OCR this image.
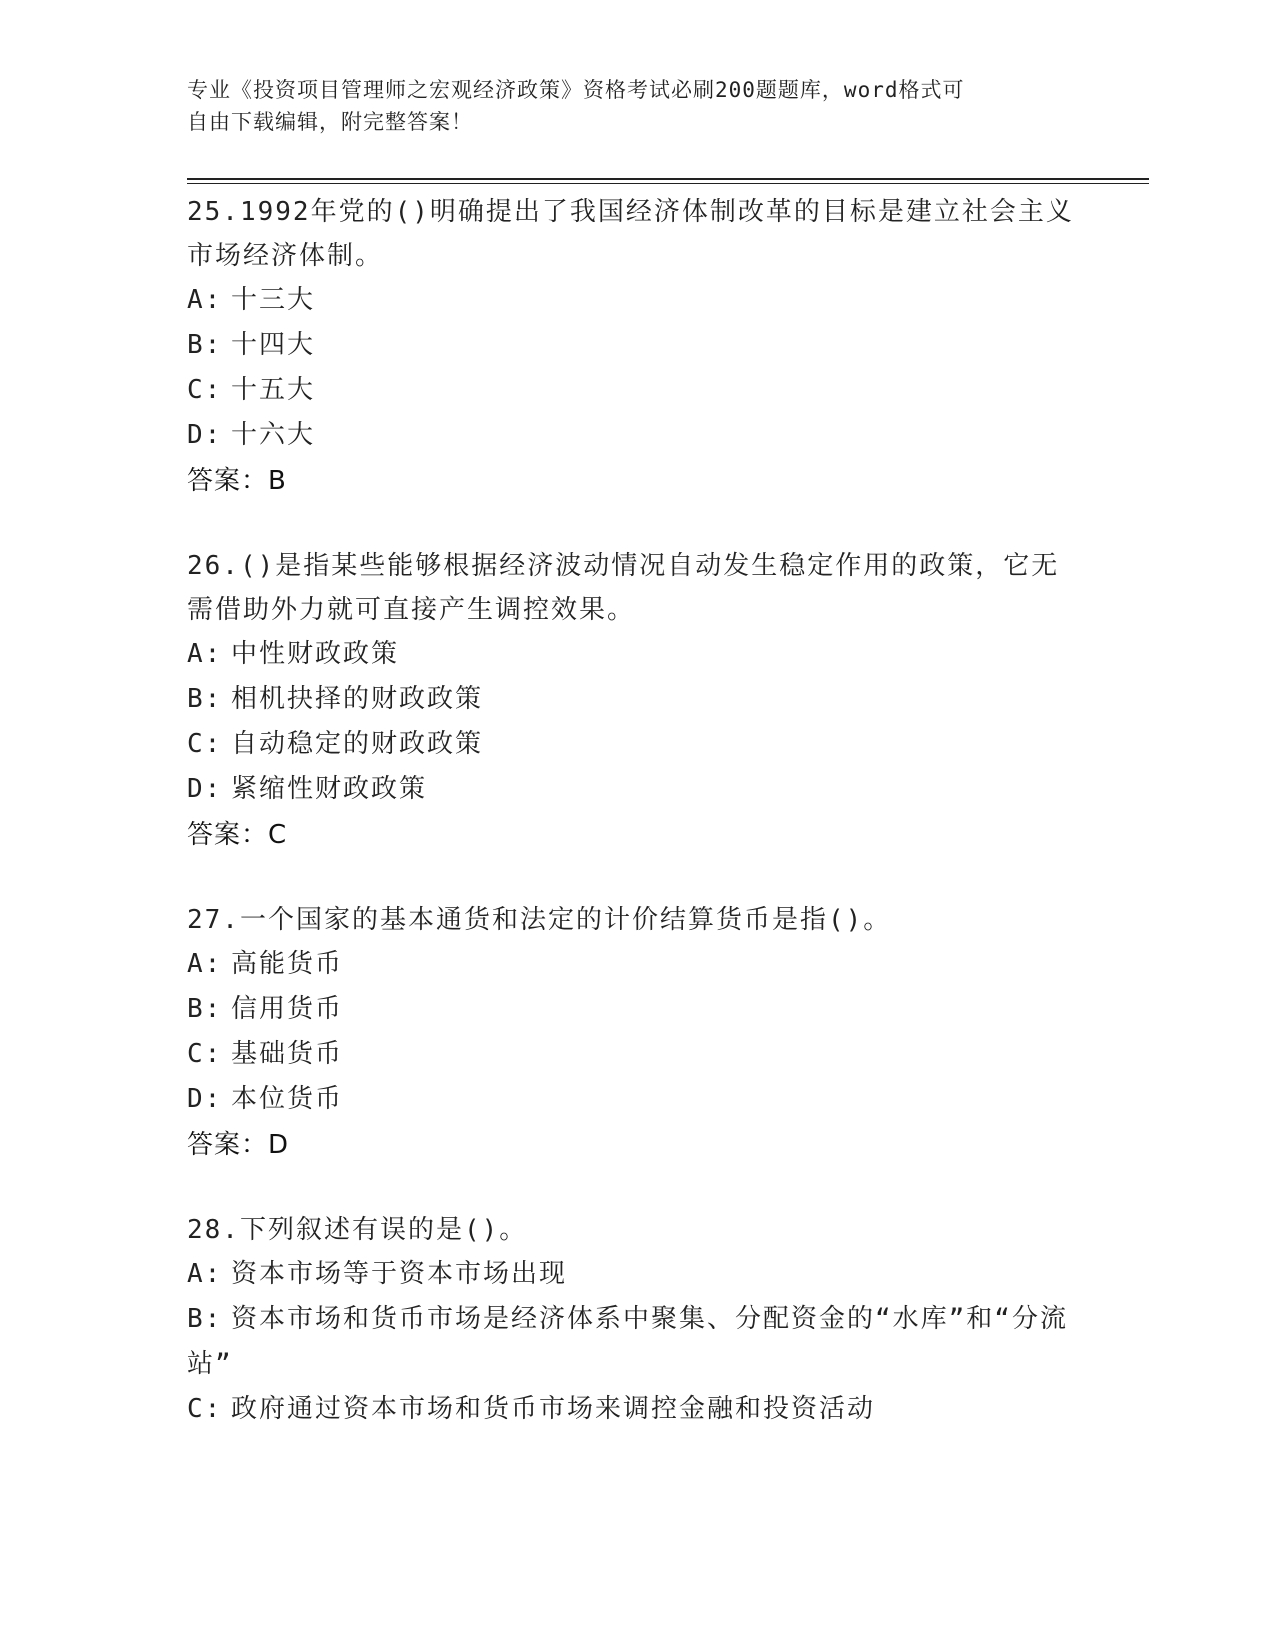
专业《投资项目管理师之宏观经济政策》资格考试必刷200题题库，word格式可
自由下载编辑，附完整答案！

25.1992年党的()明确提出了我国经济体制改革的目标是建立社会主义市场经济体制。

A: 十三大

B: 十四大

C: 十五大

D: 十六大

答案：B

26.()是指某些能够根据经济波动情况自动发生稳定作用的政策，它无需借助外力就可直接产生调控效果。

A: 中性财政政策

B: 相机抉择的财政政策

C: 自动稳定的财政政策

D: 紧缩性财政政策

答案：C

27.一个国家的基本通货和法定的计价结算货币是指()。

A: 高能货币

B: 信用货币

C: 基础货币

D: 本位货币

答案：D

28.下列叙述有误的是()。

A: 资本市场等于资本市场出现

B: 资本市场和货币市场是经济体系中聚集、分配资金的“水库”和“分流站”

C: 政府通过资本市场和货币市场来调控金融和投资活动
